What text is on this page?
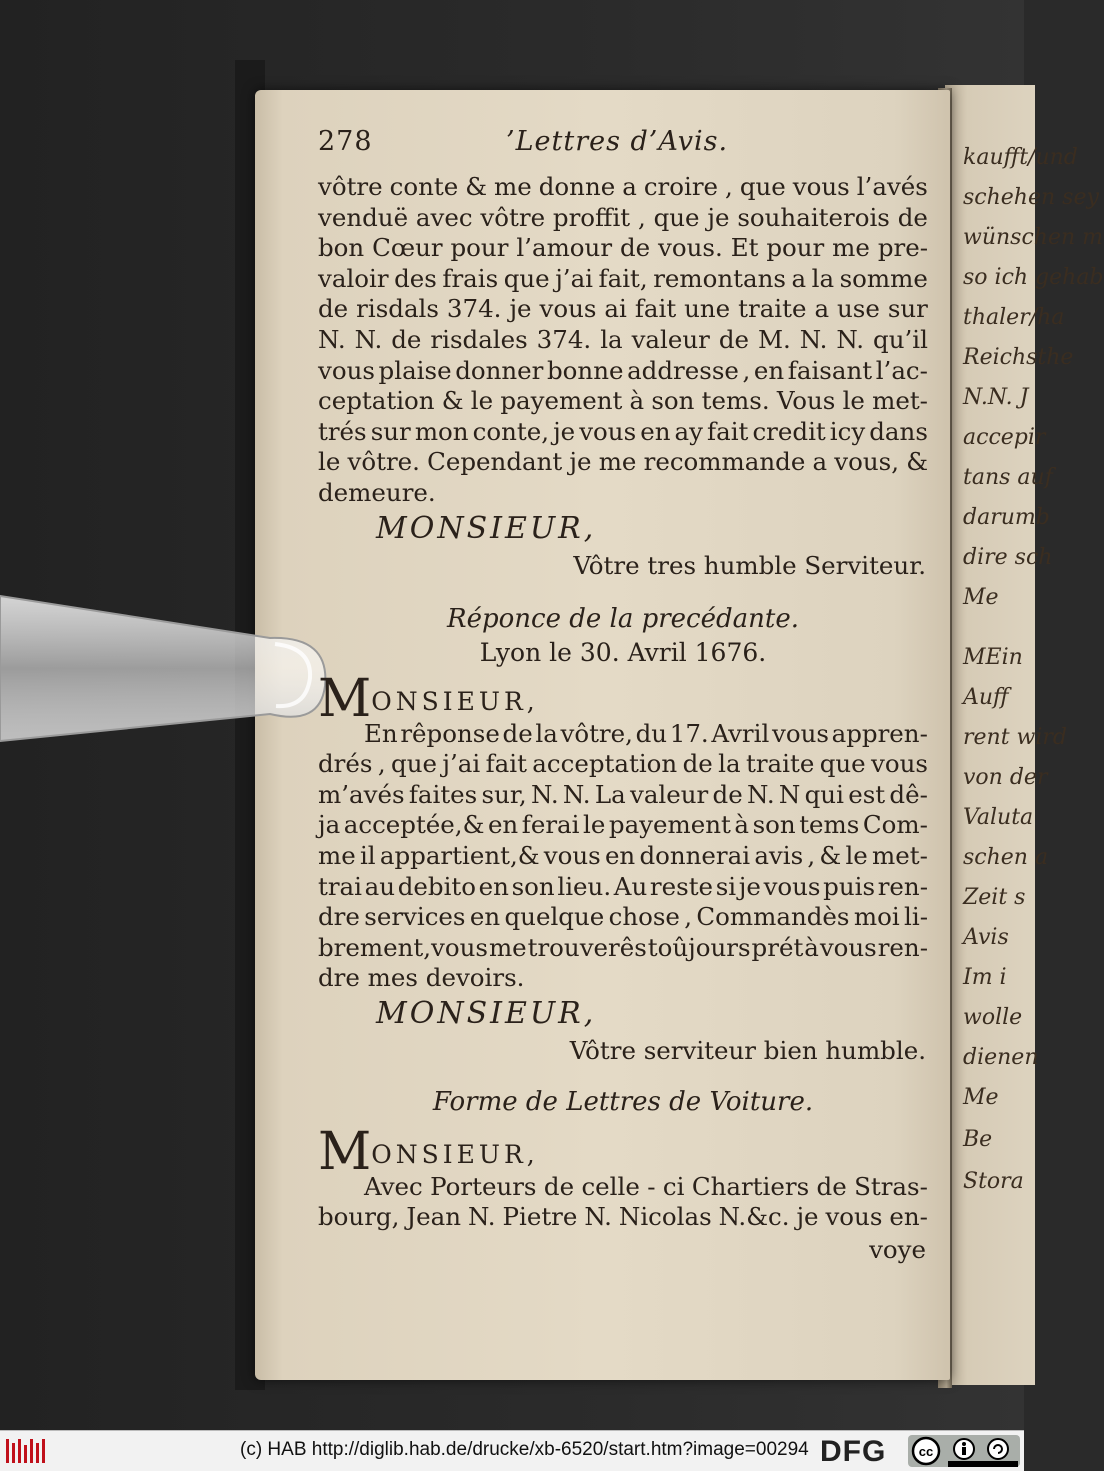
kaufft/und
schehen sey
wünschen m
so ich gehab
thaler/ha
Reichsthe
N.N. J
accepir
tans auf
darumb
dire sch
Me
MEin
Auff
rent wird
von der
Valuta
schen a
Zeit s
Avis
Im i
wolle
dienen
Me
Be
Stora
278	’Lettres d’Avis.
vôtre conte & me donne a croire , que vous l’avés
venduë avec vôtre proffit , que je souhaiterois de
bon Cœur pour l’amour de vous. Et pour me pre-
valoir des frais que j’ai fait, remontans a la somme
de risdals 374. je vous ai fait une traite a use sur
N. N. de risdales 374. la valeur de M. N. N. qu’il
vous plaise donner bonne addresse , en faisant l’ac-
ceptation & le payement à son tems. Vous le met-
trés sur mon conte, je vous en ay fait credit icy dans
le vôtre. Cependant je me recommande a vous, &
demeure.
MONSIEUR,
Vôtre tres humble Serviteur.
Réponce de la precédante.
Lyon le 30. Avril 1676.
MONSIEUR,
En rêponse de la vôtre, du 17. Avril vous appren-
drés , que j’ai fait acceptation de la traite que vous
m’avés faites sur, N. N. La valeur de N. N qui est dê-
ja acceptée,& en ferai le payement à son tems Com-
me il appartient,& vous en donnerai avis , & le met-
trai au debito en son lieu. Au reste si je vous puis ren-
dre services en quelque chose , Commandès moi li-
brement,vous me trouverês toûjours prét à vous ren-
dre mes devoirs.
MONSIEUR,
Vôtre serviteur bien humble.
Forme de Lettres de Voiture.
MONSIEUR,
Avec Porteurs de celle - ci Chartiers de Stras-
bourg, Jean N. Pietre N. Nicolas N.&c. je vous en-
voye
(c) HAB http://diglib.hab.de/drucke/xb-6520/start.htm?image=00294 DFG cc
